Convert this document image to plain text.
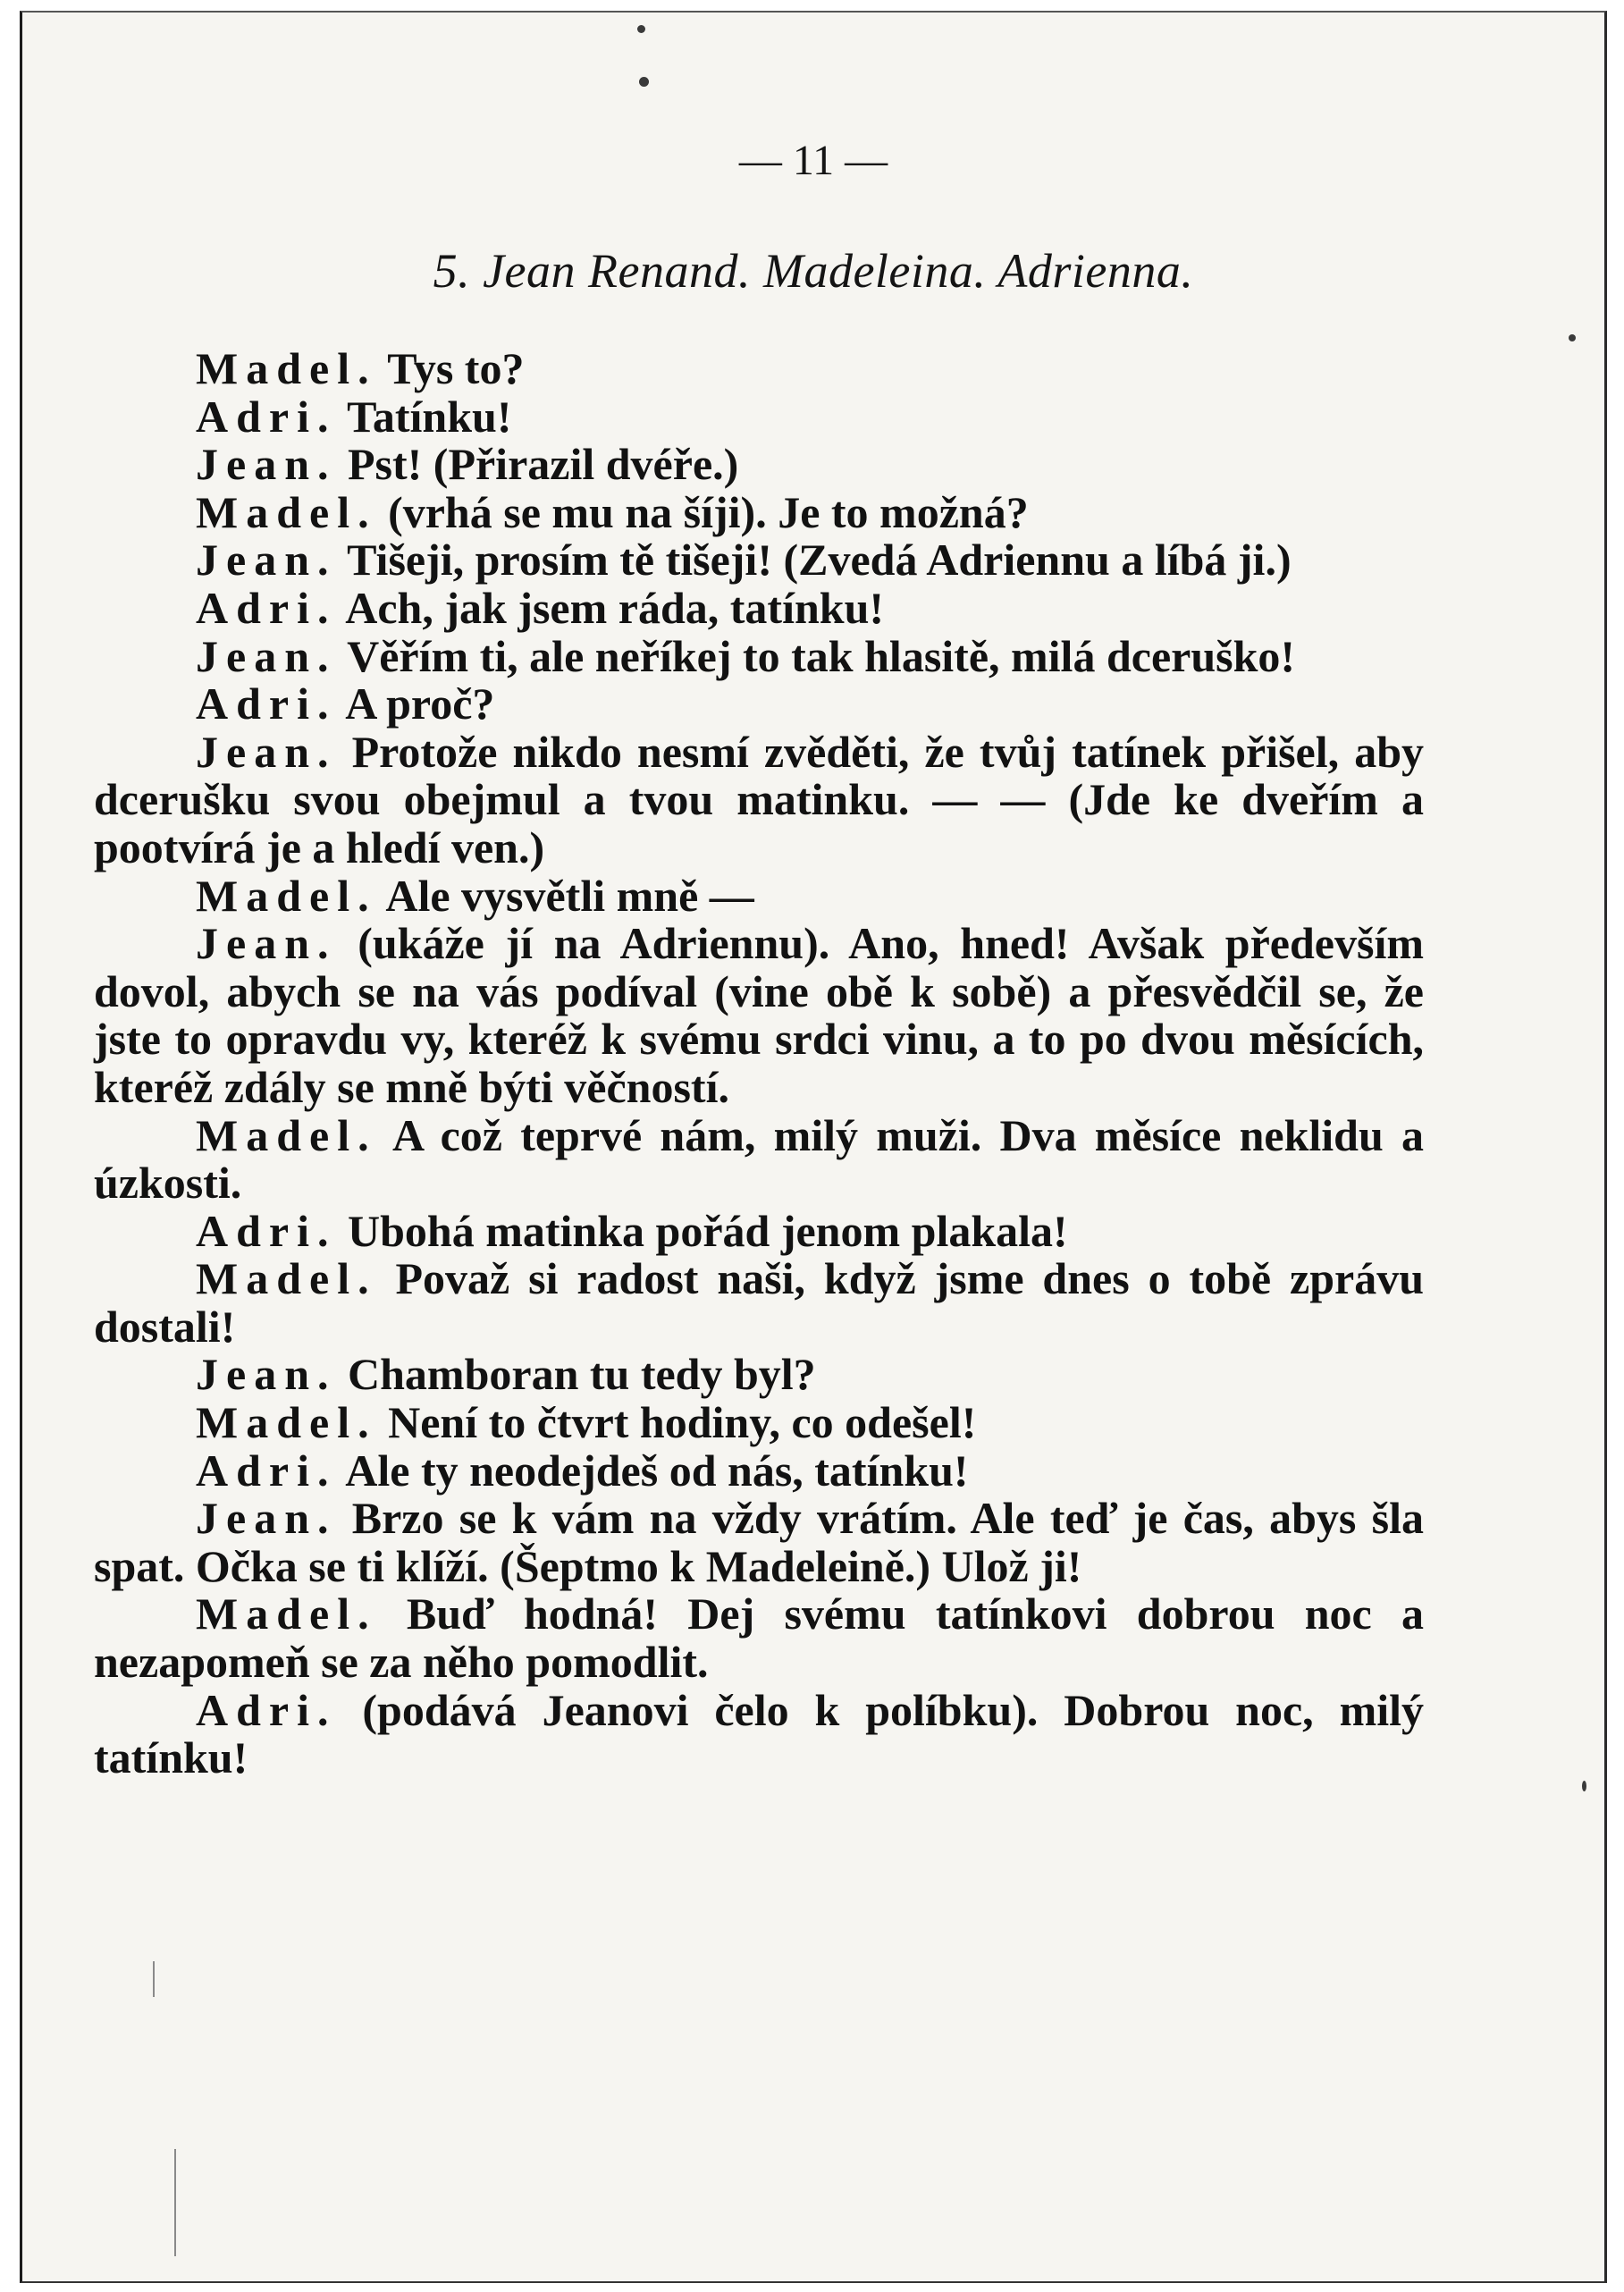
— 11 —
5. Jean Renand. Madeleina. Adrienna.

Madel. Tys to?

Adri. Tatínku!

Jean. Pst! (Přirazil dvéře.)

Madel. (vrhá se mu na šíji). Je to možná?

Jean. Tišeji, prosím tě tišeji! (Zvedá Adriennu a líbá ji.)

Adri. Ach, jak jsem ráda, tatínku!

Jean. Věřím ti, ale neříkej to tak hlasitě, milá dceruško!

Adri. A proč?

Jean. Protože nikdo nesmí zvěděti, že tvůj tatínek přišel, aby dcerušku svou obejmul a tvou matinku. — — (Jde ke dveřím a pootvírá je a hledí ven.)

Madel. Ale vysvětli mně —

Jean. (ukáže jí na Adriennu). Ano, hned! Avšak především dovol, abych se na vás podíval (vine obě k sobě) a přesvědčil se, že jste to opravdu vy, kteréž k svému srdci vinu, a to po dvou měsících, kteréž zdály se mně býti věčností.

Madel. A což teprvé nám, milý muži. Dva měsíce neklidu a úzkosti.

Adri. Ubohá matinka pořád jenom plakala!

Madel. Považ si radost naši, když jsme dnes o tobě zprávu dostali!

Jean. Chamboran tu tedy byl?

Madel. Není to čtvrt hodiny, co odešel!

Adri. Ale ty neodejdeš od nás, tatínku!

Jean. Brzo se k vám na vždy vrátím. Ale teď je čas, abys šla spat. Očka se ti klíží. (Šeptmo k Madeleině.) Ulož ji!

Madel. Buď hodná! Dej svému tatínkovi dobrou noc a nezapomeň se za něho pomodlit.

Adri. (podává Jeanovi čelo k políbku). Dobrou noc, milý tatínku!
